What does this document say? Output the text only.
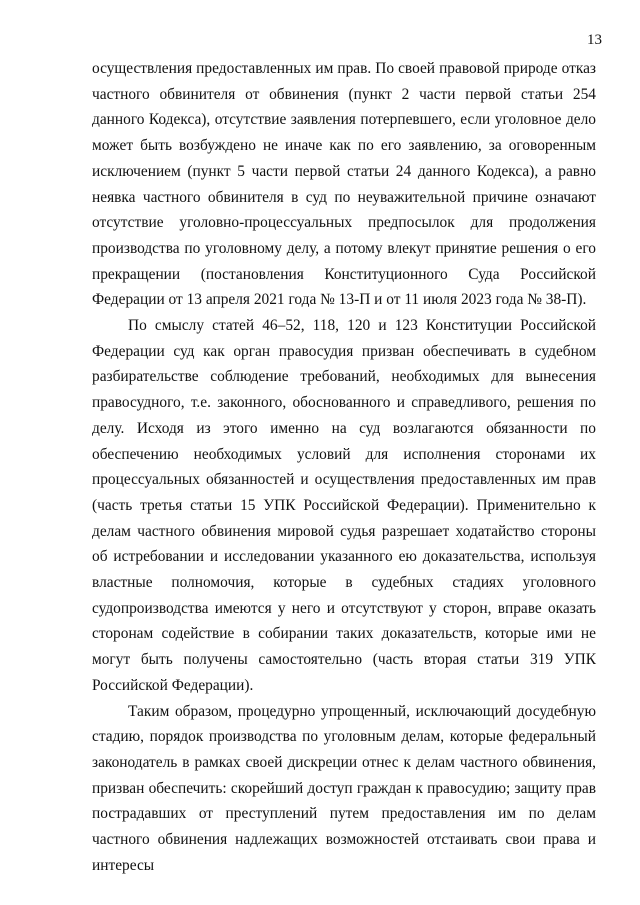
13

осуществления предоставленных им прав. По своей правовой природе отказ частного обвинителя от обвинения (пункт 2 части первой статьи 254 данного Кодекса), отсутствие заявления потерпевшего, если уголовное дело может быть возбуждено не иначе как по его заявлению, за оговоренным исключением (пункт 5 части первой статьи 24 данного Кодекса), а равно неявка частного обвинителя в суд по неуважительной причине означают отсутствие уголовно-процессуальных предпосылок для продолжения производства по уголовному делу, а потому влекут принятие решения о его прекращении (постановления Конституционного Суда Российской Федерации от 13 апреля 2021 года № 13-П и от 11 июля 2023 года № 38-П).

По смыслу статей 46–52, 118, 120 и 123 Конституции Российской Федерации суд как орган правосудия призван обеспечивать в судебном разбирательстве соблюдение требований, необходимых для вынесения правосудного, т.е. законного, обоснованного и справедливого, решения по делу. Исходя из этого именно на суд возлагаются обязанности по обеспечению необходимых условий для исполнения сторонами их процессуальных обязанностей и осуществления предоставленных им прав (часть третья статьи 15 УПК Российской Федерации). Применительно к делам частного обвинения мировой судья разрешает ходатайство стороны об истребовании и исследовании указанного ею доказательства, используя властные полномочия, которые в судебных стадиях уголовного судопроизводства имеются у него и отсутствуют у сторон, вправе оказать сторонам содействие в собирании таких доказательств, которые ими не могут быть получены самостоятельно (часть вторая статьи 319 УПК Российской Федерации).

Таким образом, процедурно упрощенный, исключающий досудебную стадию, порядок производства по уголовным делам, которые федеральный законодатель в рамках своей дискреции отнес к делам частного обвинения, призван обеспечить: скорейший доступ граждан к правосудию; защиту прав пострадавших от преступлений путем предоставления им по делам частного обвинения надлежащих возможностей отстаивать свои права и интересы
